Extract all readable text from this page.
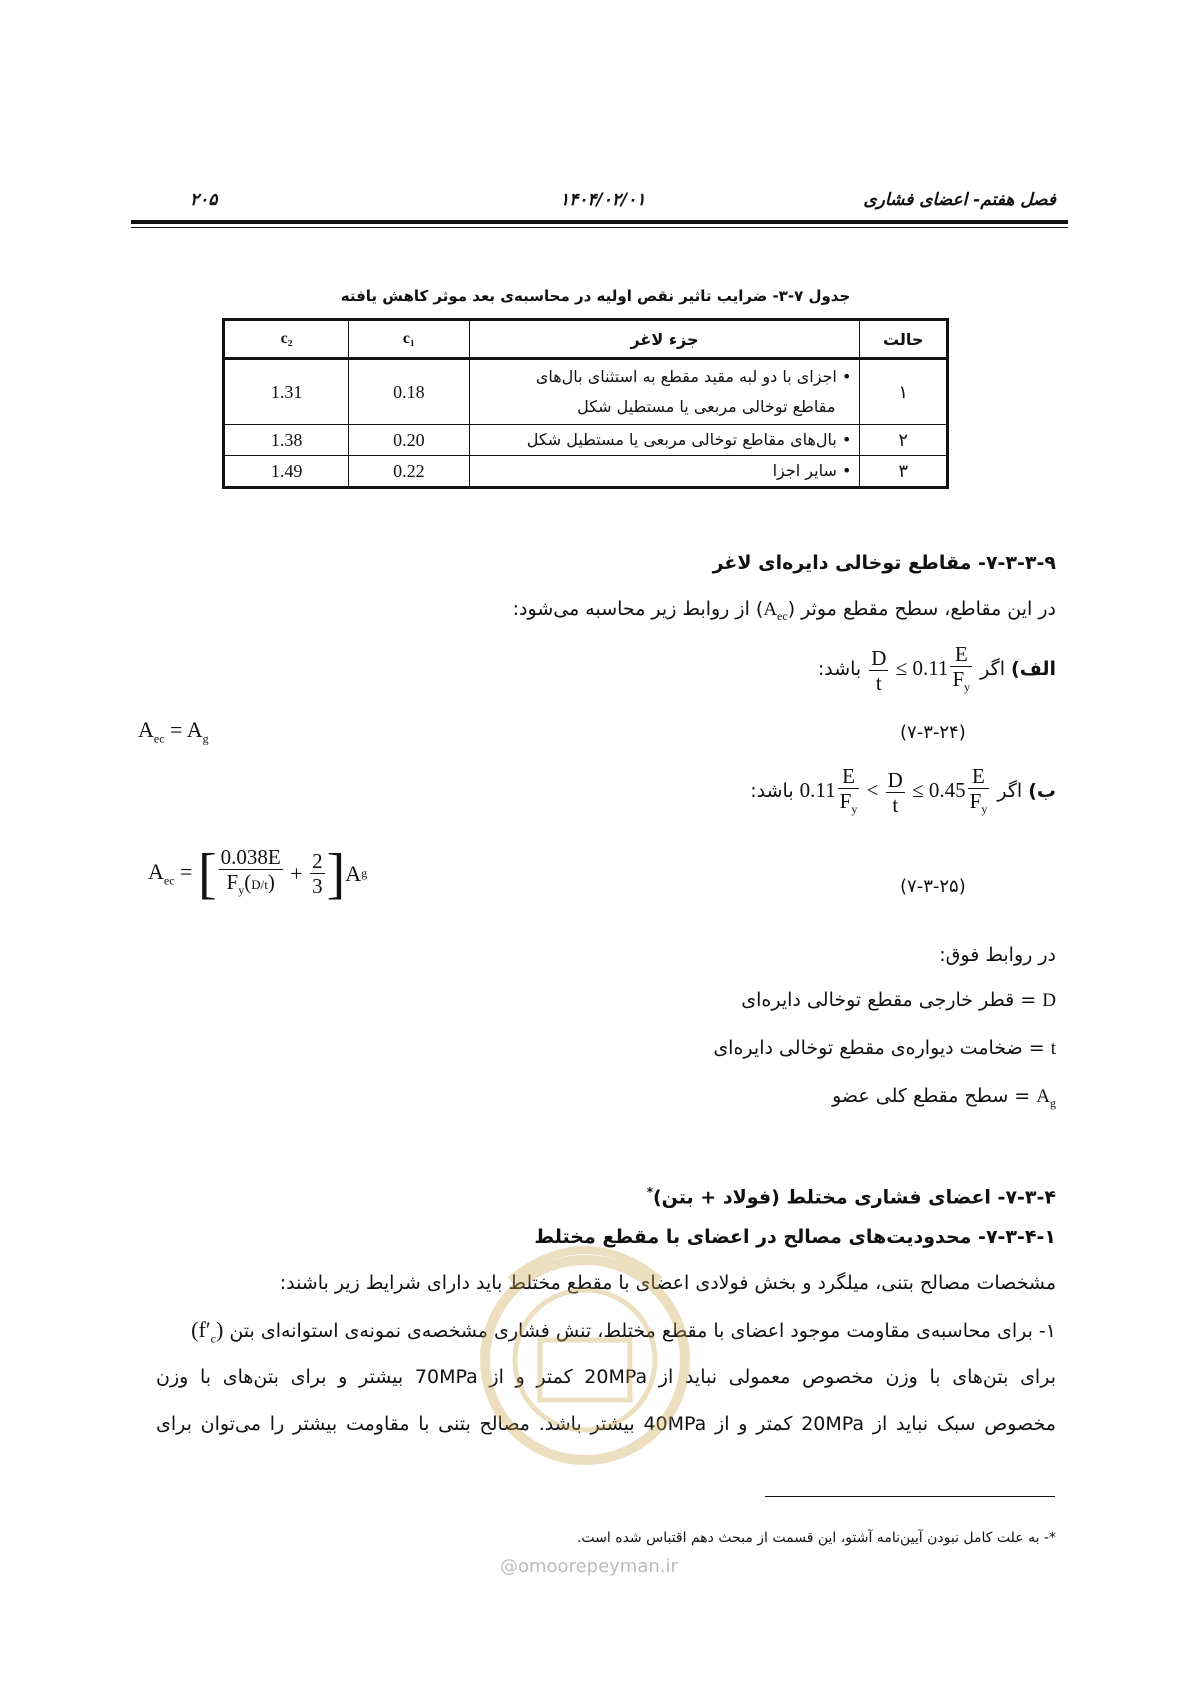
۲۰۵	۱۴۰۴/۰۲/۰۱	فصل هفتم- اعضای فشاری
جدول ۷-۳- ضرایب تاثیر نقص اولیه در محاسبه‌ی بعد موثر کاهش یافته
c₂	c₁	جزء لاغر	حالت
1.31	0.18	• اجزای با دو لبه مقید مقطع به استثنای بال‌های
مقاطع توخالی مربعی یا مستطیل شکل	۱
1.38	0.20	• بال‌های مقاطع توخالی مربعی یا مستطیل شکل	۲
1.49	0.22	• سایر اجزا	۳
۷-۳-۳-۹- مقاطع توخالی دایره‌ای لاغر
در این مقاطع، سطح مقطع موثر $(A_{ec})$ از روابط زیر محاسبه می‌شود:
الف) اگر
$\frac{D}{t} \le 0.11 \frac{E}{F_y}$
باشد:
$A_{ec} = A_g$	(۷-۳-۲۴)
ب) اگر $0.11 \frac{E}{F_y} < \frac{D}{t} \le 0.45 \frac{E}{F_y}$
باشد:
$A_{ec}$ = [ $\frac{0.038E}{F_y(D/t)} + \frac{2}{3}$ ] A g
(۷-۳-۲۵)
در روابط فوق:
D = قطر خارجی مقطع توخالی دایره‌ای
t = ضخامت دیواره‌ی مقطع توخالی دایره‌ای
$A_g$ = سطح مقطع کلی عضو
۷-۳-۴- اعضای فشاری مختلط (فولاد + بتن)*
۷-۳-۴-۱- محدودیت‌های مصالح در اعضای با مقطع مختلط
مشخصات مصالح بتنی، میلگرد و بخش فولادی اعضای با مقطع مختلط باید دارای شرایط زیر باشند:
۱- برای محاسبه‌ی مقاومت موجود اعضای با مقطع مختلط، تنش فشاری مشخصه‌ی نمونه‌ی استوانه‌ای بتن $(f'_c)$
برای بتن‌های با وزن مخصوص معمولی نباید از 20MPa کمتر و از 70MPa بیشتر و برای بتن‌های با وزن
مخصوص سبک نباید از 20MPa کمتر و از 40MPa بیشتر باشد. مصالح بتنی با مقاومت بیشتر را می‌توان برای
@omoorepeyman.ir
*- به علت کامل نبودن آیین‌نامه آشتو، این قسمت از مبحث دهم اقتباس شده است.
